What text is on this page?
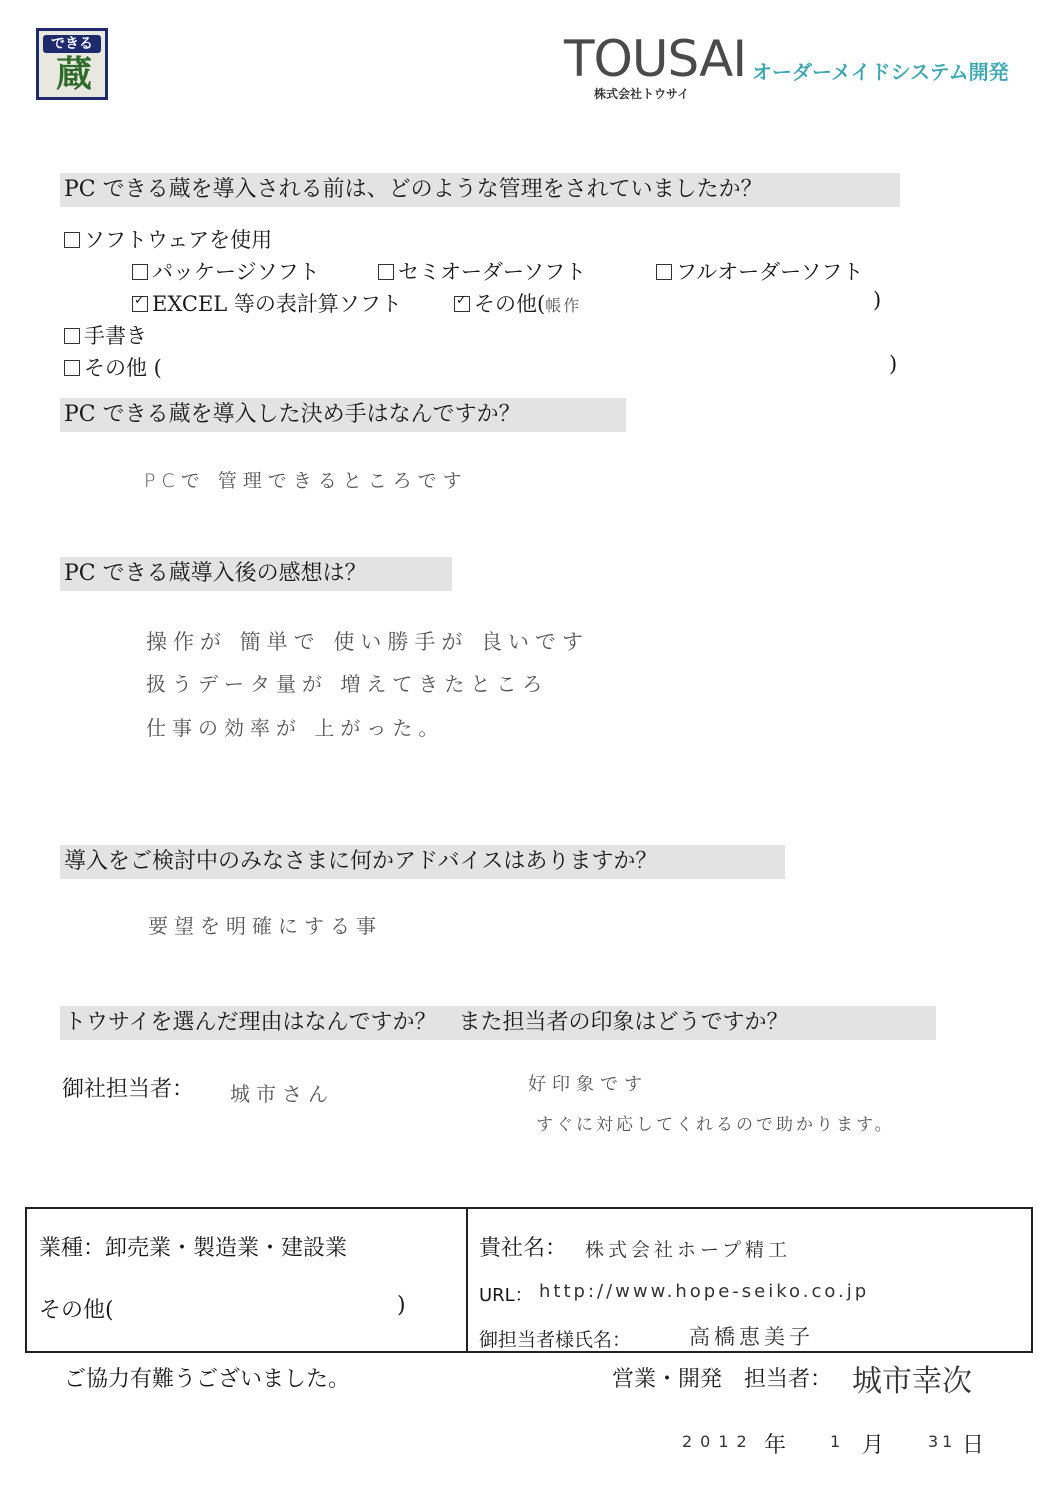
できる
蔵	TOUSAI オーダーメイドシステム開発
株式会社トウサイ
PC できる蔵を導入される前は、どのような管理をされていましたか？
ソフトウェアを使用
パッケージソフト	セミオーダーソフト	フルオーダーソフト
✓EXCEL 等の表計算ソフト
✓	その他(帳作	)
手書き
その他 (	)
PC できる蔵を導入した決め手はなんですか？
PCで 管理できるところです
PC できる蔵導入後の感想は？
操作が 簡単で 使い勝手が 良いです
扱うデータ量が 増えてきたところ
仕事の効率が 上がった。
導入をご検討中のみなさまに何かアドバイスはありますか？
要望を明確にする事
トウサイを選んだ理由はなんですか？　また担当者の印象はどうですか？
御社担当者： 城市さん	好印象です
すぐに対応してくれるので助かります。
業種：卸売業・製造業・建設業
その他(	)
貴社名： 株式会社ホープ精工
URL： http://www.hope-seiko.co.jp
御担当者様氏名：	高橋恵美子
ご協力有難うございました。	営業・開発　担当者： 城市幸次
2012 年	1 月	31 日
